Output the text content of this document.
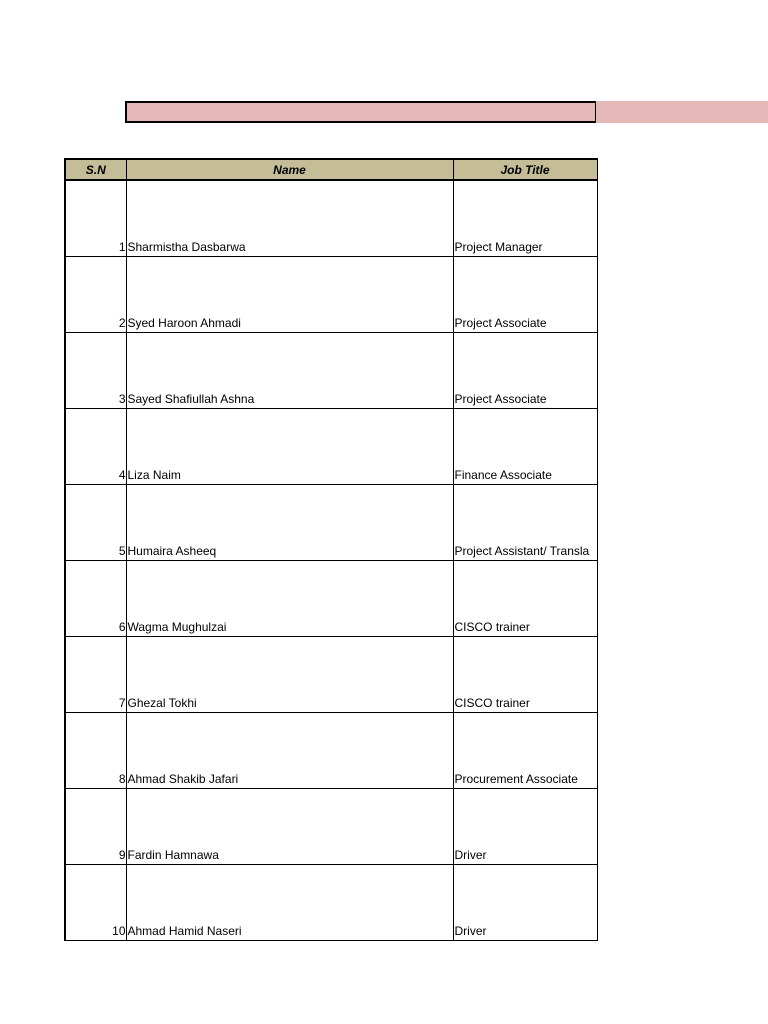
S.N	Name	Job Title
1	Sharmistha Dasbarwa	Project Manager
2	Syed Haroon Ahmadi	Project Associate
3	Sayed Shafiullah Ashna	Project Associate
4	Liza Naim	Finance Associate
5	Humaira Asheeq	Project Assistant/ Transla
6	Wagma Mughulzai	CISCO trainer
7	Ghezal Tokhi	CISCO trainer
8	Ahmad Shakib Jafari	Procurement Associate
9	Fardin Hamnawa	Driver
10	Ahmad Hamid Naseri	Driver
